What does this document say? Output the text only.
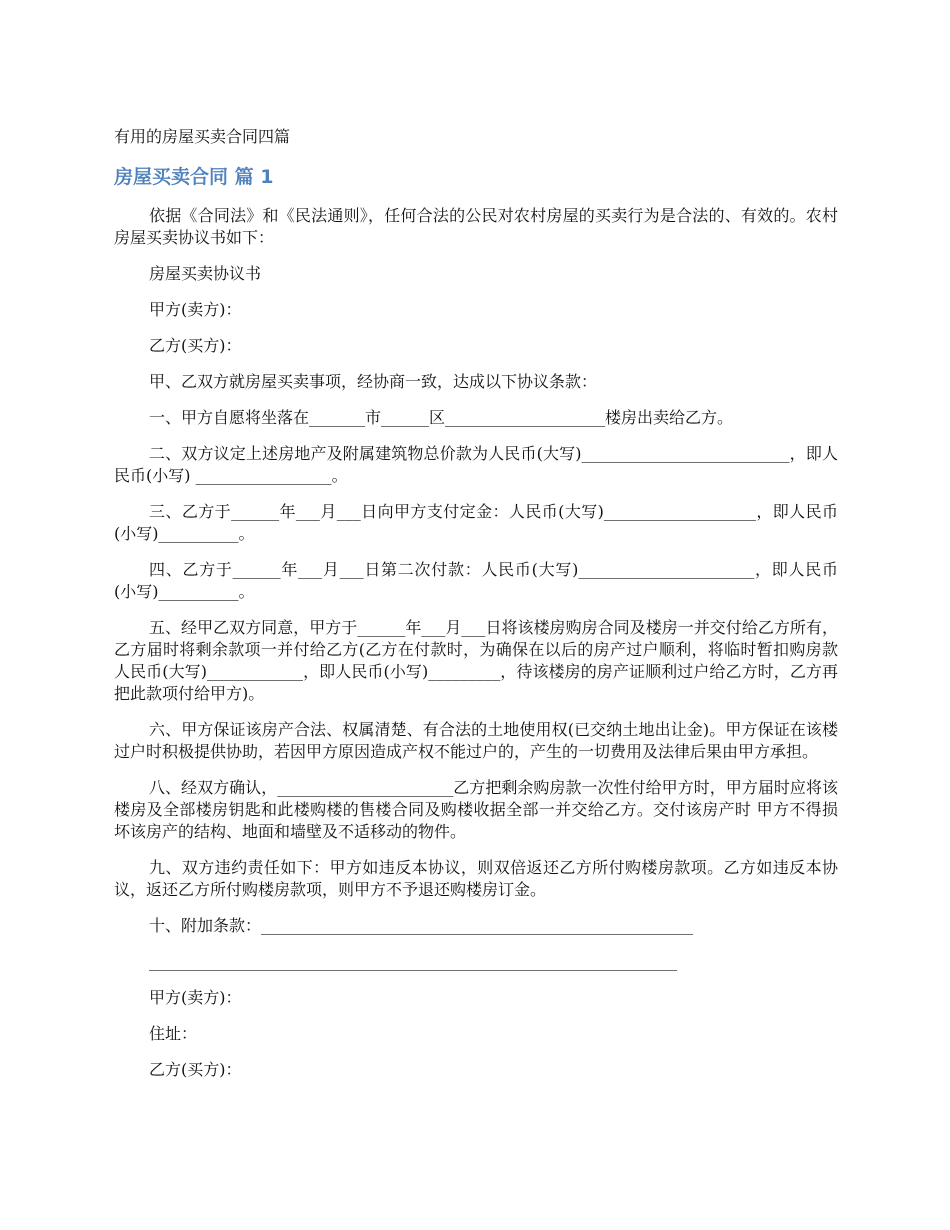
有用的房屋买卖合同四篇
房屋买卖合同 篇 1

依据《合同法》和《民法通则》，任何合法的公民对农村房屋的买卖行为是合法的、有效的。农村房屋买卖协议书如下：

房屋买卖协议书

甲方(卖方)：

乙方(买方)：

甲、乙双方就房屋买卖事项，经协商一致，达成以下协议条款：

一、甲方自愿将坐落在_______市______区____________________楼房出卖给乙方。

二、双方议定上述房地产及附属建筑物总价款为人民币(大写)__________________________，即人民币(小写) _________________。

三、乙方于______年___月___日向甲方支付定金：人民币(大写)___________________，即人民币(小写)__________。

四、乙方于______年___月___日第二次付款：人民币(大写)______________________，即人民币(小写)__________。

五、经甲乙双方同意，甲方于______年___月___日将该楼房购房合同及楼房一并交付给乙方所有，乙方届时将剩余款项一并付给乙方(乙方在付款时，为确保在以后的房产过户顺利，将临时暂扣购房款人民币(大写)____________，即人民币(小写)_________，待该楼房的房产证顺利过户给乙方时，乙方再把此款项付给甲方)。

六、甲方保证该房产合法、权属清楚、有合法的土地使用权(已交纳土地出让金)。甲方保证在该楼过户时积极提供协助，若因甲方原因造成产权不能过户的，产生的一切费用及法律后果由甲方承担。

八、经双方确认，______________________乙方把剩余购房款一次性付给甲方时，甲方届时应将该楼房及全部楼房钥匙和此楼购楼的售楼合同及购楼收据全部一并交给乙方。交付该房产时 甲方不得损坏该房产的结构、地面和墙壁及不适移动的物件。

九、双方违约责任如下：甲方如违反本协议，则双倍返还乙方所付购楼房款项。乙方如违反本协议，返还乙方所付购楼房款项，则甲方不予退还购楼房订金。

十、附加条款：______________________________________________________

__________________________________________________________________

甲方(卖方)：

住址：

乙方(买方)：
